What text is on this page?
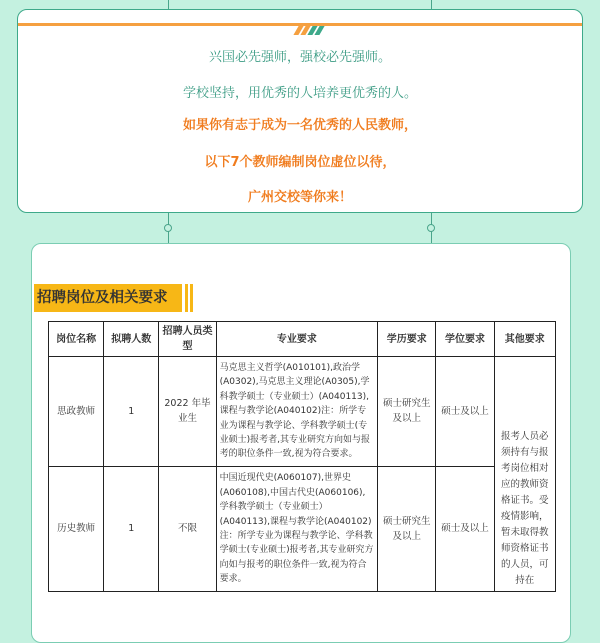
兴国必先强师，强校必先强师。
学校坚持，用优秀的人培养更优秀的人。
如果你有志于成为一名优秀的人民教师，
以下7个教师编制岗位虚位以待，
广州交校等你来！
招聘岗位及相关要求
岗位名称	拟聘人数	招聘人员类型	专业要求	学历要求	学位要求	其他要求
思政教师	1	2022 年毕业生	马克思主义哲学(A010101),政治学(A0302),马克思主义理论(A0305),学科教学硕士（专业硕士）(A040113),课程与教学论(A040102)注：所学专业为课程与教学论、学科教学硕士(专业硕士)报考者,其专业研究方向如与报考的职位条件一致,视为符合要求。	硕士研究生及以上	硕士及以上	报考人员必须持有与报考岗位相对应的教师资格证书。受疫情影响，暂未取得教师资格证书的人员，可持在
历史教师	1	不限	中国近现代史(A060107),世界史(A060108),中国古代史(A060106),学科教学硕士（专业硕士）(A040113),课程与教学论(A040102)注：所学专业为课程与教学论、学科教学硕士(专业硕士)报考者,其专业研究方向如与报考的职位条件一致,视为符合要求。	硕士研究生及以上	硕士及以上	
